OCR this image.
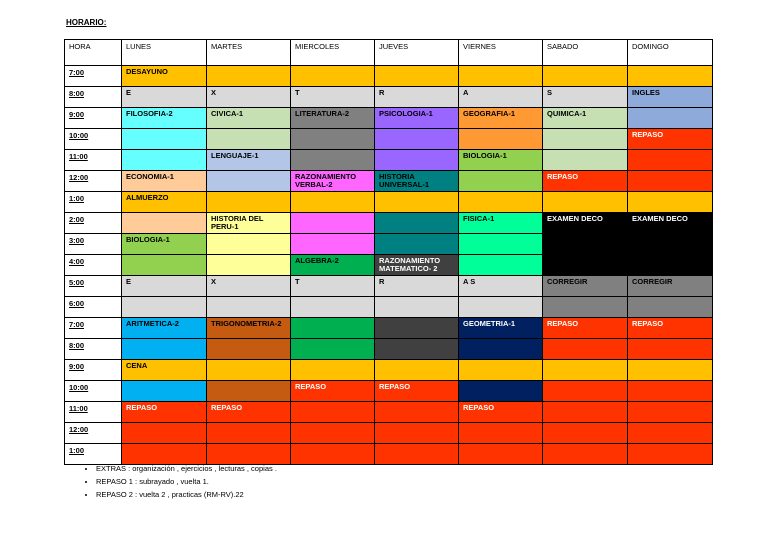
HORARIO:
HORA	LUNES	MARTES	MIERCOLES	JUEVES	VIERNES	SABADO	DOMINGO
7:00	DESAYUNO						
8:00	E	X	T	R	A	S	INGLES
9:00	FILOSOFIA-2	CIVICA-1	LITERATURA-2	PSICOLOGIA-1	GEOGRAFIA-1	QUIMICA-1	
10:00							REPASO
11:00		LENGUAJE-1			BIOLOGIA-1		
12:00	ECONOMIA-1		RAZONAMIENTO VERBAL-2	HISTORIA UNIVERSAL-1		REPASO	
1:00	ALMUERZO						
2:00		HISTORIA DEL PERU-1			FISICA-1	EXAMEN DECO	EXAMEN DECO
3:00	BIOLOGIA-1						
4:00			ALGEBRA-2	RAZONAMIENTO MATEMATICO- 2			
5:00	E	X	T	R	A S	CORREGIR	CORREGIR
6:00							
7:00	ARITMETICA-2	TRIGONOMETRIA-2			GEOMETRIA-1	REPASO	REPASO
8:00							
9:00	CENA						
10:00			REPASO	REPASO			
11:00	REPASO	REPASO			REPASO		
12:00							
1:00							
• EXTRAS : organización , ejercicios , lecturas , copias .
• REPASO 1 : subrayado , vuelta 1.
• REPASO 2 : vuelta 2 , practicas (RM-RV).22
